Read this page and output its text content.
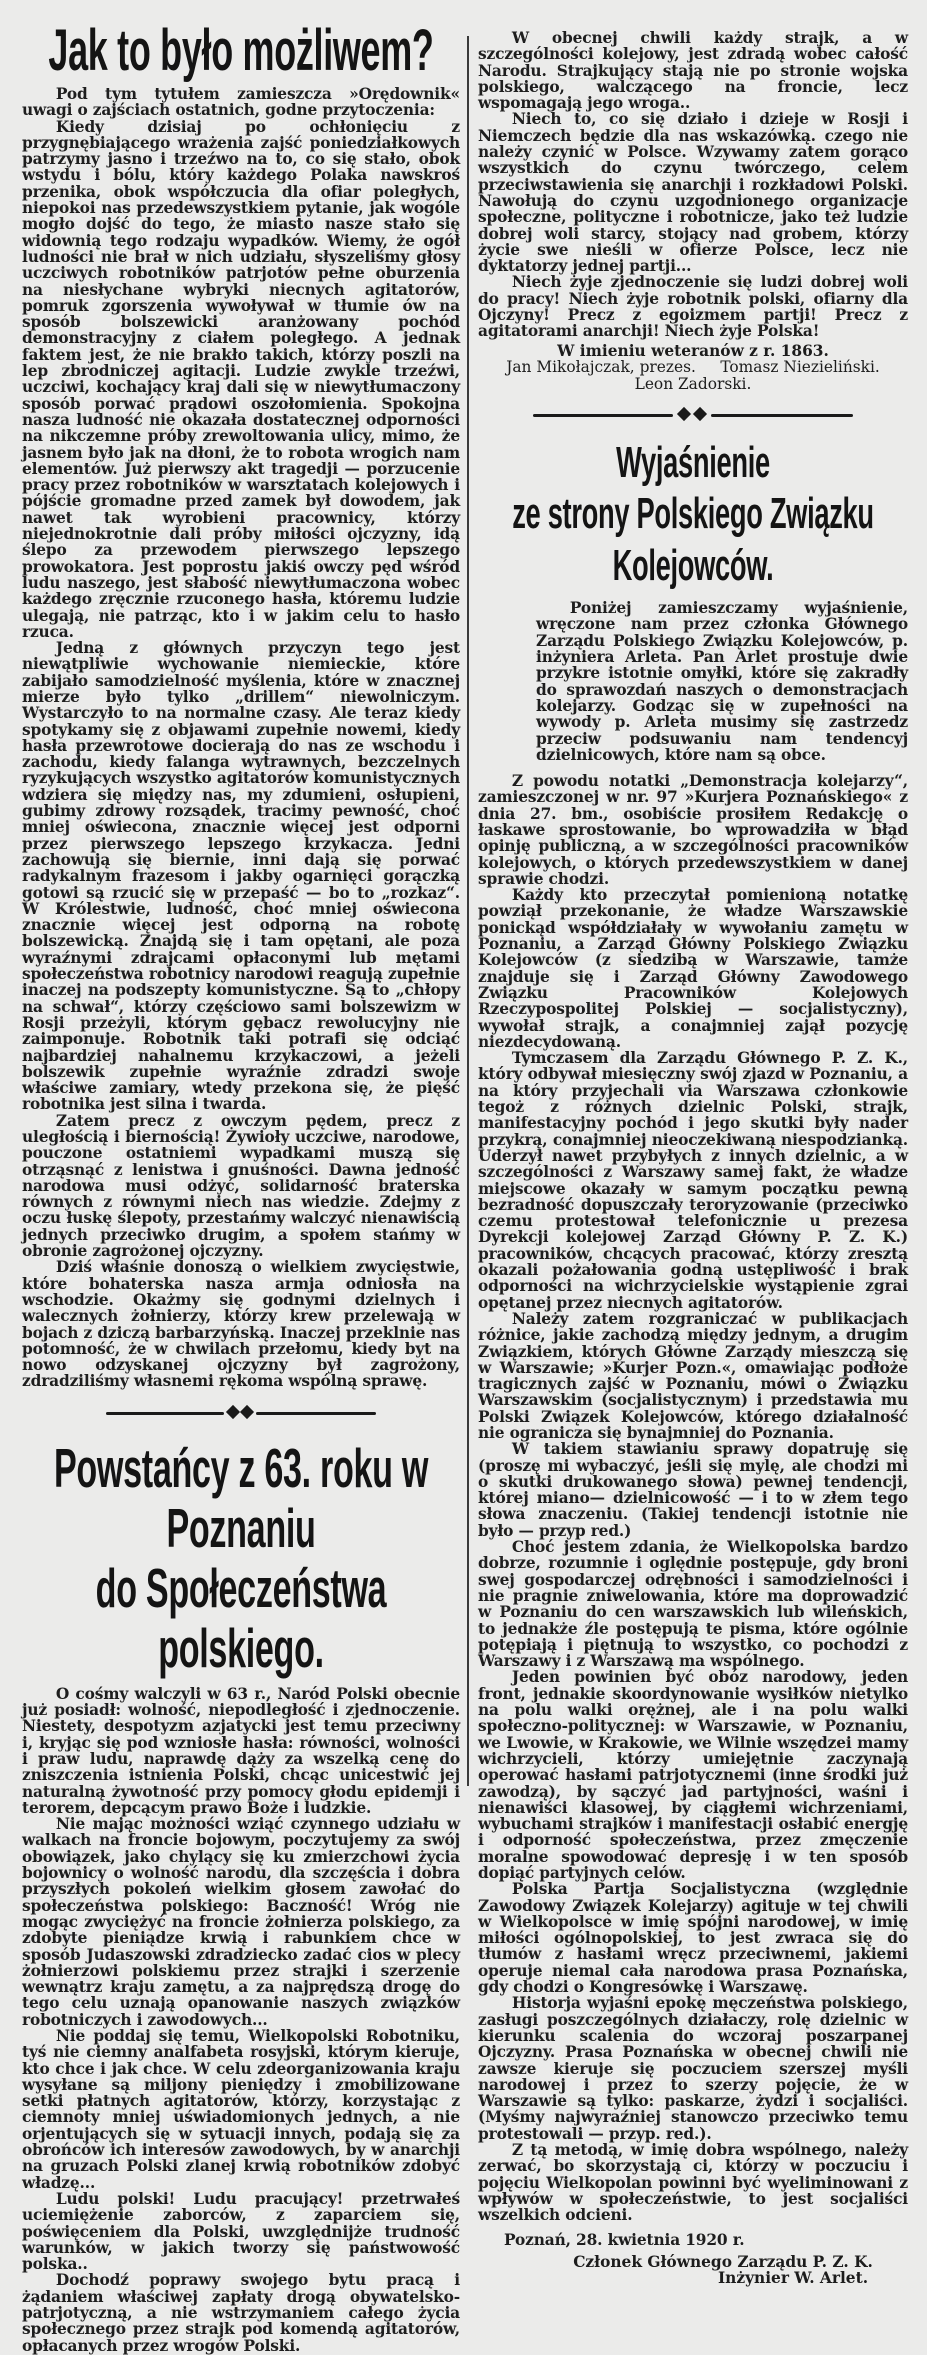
Jak to było możliwem?

Pod tym tytułem zamieszcza »Orędownik« uwagi o zajściach ostatnich, godne przytoczenia:

Kiedy dzisiaj po ochłonięciu z przygnębiającego wrażenia zajść poniedziałkowych patrzymy jasno i trzeźwo na to, co się stało, obok wstydu i bólu, który każdego Polaka nawskroś przenika, obok współczucia dla ofiar poległych, niepokoi nas przedewszystkiem pytanie, jak wogóle mogło dojść do tego, że miasto nasze stało się widownią tego rodzaju wypadków. Wiemy, że ogół ludności nie brał w nich udziału, słyszeliśmy głosy uczciwych robotników patrjotów pełne oburzenia na niesłychane wybryki niecnych agitatorów, pomruk zgorszenia wywoływał w tłumie ów na sposób bolszewicki aranżowany pochód demonstracyjny z ciałem poległego. A jednak faktem jest, że nie brakło takich, którzy poszli na lep zbrodniczej agitacji. Ludzie zwykle trzeźwi, uczciwi, kochający kraj dali się w niewytłumaczony sposób porwać prądowi oszołomienia. Spokojna nasza ludność nie okazała dostatecznej odporności na nikczemne próby zrewoltowania ulicy, mimo, że jasnem było jak na dłoni, że to robota wrogich nam elementów. Już pierwszy akt tragedji — porzucenie pracy przez robotników w warsztatach kolejowych i pójście gromadne przed zamek był dowodem, jak nawet tak wyrobieni pracownicy, którzy niejednokrotnie dali próby miłości ojczyzny, idą ślepo za przewodem pierwszego lepszego prowokatora. Jest poprostu jakiś owczy pęd wśród ludu naszego, jest słabość niewytłumaczona wobec każdego zręcznie rzuconego hasła, któremu ludzie ulegają, nie patrząc, kto i w jakim celu to hasło rzuca.

Jedną z głównych przyczyn tego jest niewątpliwie wychowanie niemieckie, które zabijało samodzielność myślenia, które w znacznej mierze było tylko „drillem“ niewolniczym. Wystarczyło to na normalne czasy. Ale teraz kiedy spotykamy się z objawami zupełnie nowemi, kiedy hasła przewrotowe docierają do nas ze wschodu i zachodu, kiedy falanga wytrawnych, bezczelnych ryzykujących wszystko agitatorów komunistycznych wdziera się między nas, my zdumieni, osłupieni, gubimy zdrowy rozsądek, tracimy pewność, choć mniej oświecona, znacznie więcej jest odporni przez pierwszego lepszego krzykacza. Jedni zachowują się biernie, inni dają się porwać radykalnym frazesom i jakby ogarnięci gorączką gotowi są rzucić się w przepaść — bo to „rozkaz“. W Królestwie, ludność, choć mniej oświecona znacznie więcej jest odporną na robotę bolszewicką. Znajdą się i tam opętani, ale poza wyraźnymi zdrajcami opłaconymi lub mętami społeczeństwa robotnicy narodowi reagują zupełnie inaczej na podszepty komunistyczne. Są to „chłopy na schwał“, którzy częściowo sami bolszewizm w Rosji przeżyli, którym gębacz rewolucyjny nie zaimponuje. Robotnik taki potrafi się odciąć najbardziej nahalnemu krzykaczowi, a jeżeli bolszewik zupełnie wyraźnie zdradzi swoje właściwe zamiary, wtedy przekona się, że pięść robotnika jest silna i twarda.

Zatem precz z owczym pędem, precz z uległością i biernością! Żywioły uczciwe, narodowe, pouczone ostatniemi wypadkami muszą się otrząsnąć z lenistwa i gnuśności. Dawna jedność narodowa musi odżyć, solidarność braterska równych z równymi niech nas wiedzie. Zdejmy z oczu łuskę ślepoty, przestańmy walczyć nienawiścią jednych przeciwko drugim, a społem stańmy w obronie zagrożonej ojczyzny.

Dziś właśnie donoszą o wielkiem zwycięstwie, które bohaterska nasza armja odniosła na wschodzie. Okażmy się godnymi dzielnych i walecznych żołnierzy, którzy krew przelewają w bojach z dziczą barbarzyńską. Inaczej przeklnie nas potomność, że w chwilach przełomu, kiedy byt na nowo odzyskanej ojczyzny był zagrożony, zdradziliśmy własnemi rękoma wspólną sprawę.

Powstańcy z 63. roku w Poznaniu
do Społeczeństwa polskiego.

O cośmy walczyli w 63 r., Naród Polski obecnie już posiadł: wolność, niepodległość i zjednoczenie. Niestety, despotyzm azjatycki jest temu przeciwny i, kryjąc się pod wzniosłe hasła: równości, wolności i praw ludu, naprawdę dąży za wszelką cenę do zniszczenia istnienia Polski, chcąc unicestwić jej naturalną żywotność przy pomocy głodu epidemji i terorem, depcącym prawo Boże i ludzkie.

Nie mając możności wziąć czynnego udziału w walkach na froncie bojowym, poczytujemy za swój obowiązek, jako chylący się ku zmierzchowi życia bojownicy o wolność narodu, dla szczęścia i dobra przyszłych pokoleń wielkim głosem zawołać do społeczeństwa polskiego: Baczność! Wróg nie mogąc zwyciężyć na froncie żołnierza polskiego, za zdobyte pieniądze krwią i rabunkiem chce w sposób Judaszowski zdradziecko zadać cios w plecy żołnierzowi polskiemu przez strajki i szerzenie wewnątrz kraju zamętu, a za najprędszą drogę do tego celu uznają opanowanie naszych związków robotniczych i zawodowych...

Nie poddaj się temu, Wielkopolski Robotniku, tyś nie ciemny analfabeta rosyjski, którym kieruje, kto chce i jak chce. W celu zdeorganizowania kraju wysyłane są miljony pieniędzy i zmobilizowane setki płatnych agitatorów, którzy, korzystając z ciemnoty mniej uświadomionych jednych, a nie orjentujących się w sytuacji innych, podają się za obrońców ich interesów zawodowych, by w anarchji na gruzach Polski zlanej krwią robotników zdobyć władzę...

Ludu polski! Ludu pracujący! przetrwałeś uciemiężenie zaborców, z zaparciem się, poświęceniem dla Polski, uwzględnijże trudność warunków, w jakich tworzy się państwowość polska..

Dochodź poprawy swojego bytu pracą i żądaniem właściwej zapłaty drogą obywatelsko-patrjotyczną, a nie wstrzymaniem całego życia społecznego przez strajk pod komendą agitatorów, opłacanych przez wrogów Polski.

W obecnej chwili każdy strajk, a w szczególności kolejowy, jest zdradą wobec całość Narodu. Strajkujący stają nie po stronie wojska polskiego, walczącego na froncie, lecz wspomagają jego wroga..

Niech to, co się działo i dzieje w Rosji i Niemczech będzie dla nas wskazówką. czego nie należy czynić w Polsce. Wzywamy zatem gorąco wszystkich do czynu twórczego, celem przeciwstawienia się anarchji i rozkładowi Polski. Nawołują do czynu uzgodnionego organizacje społeczne, polityczne i robotnicze, jako też ludzie dobrej woli starcy, stojący nad grobem, którzy życie swe nieśli w ofierze Polsce, lecz nie dyktatorzy jednej partji...

Niech żyje zjednoczenie się ludzi dobrej woli do pracy! Niech żyje robotnik polski, ofiarny dla Ojczyny! Precz z egoizmem partji! Precz z agitatorami anarchji! Niech żyje Polska!

W imieniu weteranów z r. 1863.

Jan Mikołajczak, prezes.     Tomasz Niezieliński.

Leon Zadorski.

Wyjaśnienie
ze strony Polskiego Związku Kolejowców.

Poniżej zamieszczamy wyjaśnienie, wręczone nam przez członka Głównego Zarządu Polskiego Związku Kolejowców, p. inżyniera Arleta. Pan Arlet prostuje dwie przykre istotnie omyłki, które się zakradły do sprawozdań naszych o demonstracjach kolejarzy. Godząc się w zupełności na wywody p. Arleta musimy się zastrzedz przeciw podsuwaniu nam tendencyj dzielnicowych, które nam są obce.

Z powodu notatki „Demonstracja kolejarzy“, zamieszczonej w nr. 97 »Kurjera Poznańskiego« z dnia 27. bm., osobiście prosiłem Redakcję o łaskawe sprostowanie, bo wprowadziła w błąd opinję publiczną, a w szczególności pracowników kolejowych, o których przedewszystkiem w danej sprawie chodzi.

Każdy kto przeczytał pomienioną notatkę powziął przekonanie, że władze Warszawskie ponickąd współdziałały w wywołaniu zamętu w Poznaniu, a Zarząd Główny Polskiego Związku Kolejowców (z siedzibą w Warszawie, tamże znajduje się i Zarząd Główny Zawodowego Związku Pracowników Kolejowych Rzeczypospolitej Polskiej — socjalistyczny), wywołał strajk, a conajmniej zajął pozycję niezdecydowaną.

Tymczasem dla Zarządu Głównego P. Z. K., który odbywał miesięczny swój zjazd w Poznaniu, a na który przyjechali via Warszawa członkowie tegoż z różnych dzielnic Polski, strajk, manifestacyjny pochód i jego skutki były nader przykrą, conajmniej nieoczekiwaną niespodzianką. Uderzył nawet przybyłych z innych dzielnic, a w szczególności z Warszawy samej fakt, że władze miejscowe okazały w samym początku pewną bezradność dopuszczały teroryzowanie (przeciwko czemu protestował telefonicznie u prezesa Dyrekcji kolejowej Zarząd Główny P. Z. K.) pracowników, chcących pracować, którzy zresztą okazali pożałowania godną ustępliwość i brak odporności na wichrzycielskie wystąpienie zgrai opętanej przez niecnych agitatorów.

Należy zatem rozgraniczać w publikacjach różnice, jakie zachodzą między jednym, a drugim Związkiem, których Główne Zarządy mieszczą się w Warszawie; »Kurjer Pozn.«, omawiając podłoże tragicznych zajść w Poznaniu, mówi o Związku Warszawskim (socjalistycznym) i przedstawia mu Polski Związek Kolejowców, którego działalność nie ogranicza się bynajmniej do Poznania.

W takiem stawianiu sprawy dopatruję się (proszę mi wybaczyć, jeśli się mylę, ale chodzi mi o skutki drukowanego słowa) pewnej tendencji, której miano— dzielnicowość — i to w złem tego słowa znaczeniu. (Takiej tendencji istotnie nie było — przyp red.)

Choć jestem zdania, że Wielkopolska bardzo dobrze, rozumnie i oględnie postępuje, gdy broni swej gospodarczej odrębności i samodzielności i nie pragnie zniwelowania, które ma doprowadzić w Poznaniu do cen warszawskich lub wileńskich, to jednakże źle postępują te pisma, które ogólnie potępiają i piętnują to wszystko, co pochodzi z Warszawy i z Warszawą ma wspólnego.

Jeden powinien być obóz narodowy, jeden front, jednakie skoordynowanie wysiłków nietylko na polu walki orężnej, ale i na polu walki społeczno-politycznej: w Warszawie, w Poznaniu, we Lwowie, w Krakowie, we Wilnie wszędzei mamy wichrzycieli, którzy umiejętnie zaczynają operować hasłami patrjotycznemi (inne środki już zawodzą), by sączyć jad partyjności, waśni i nienawiści klasowej, by ciągłemi wichrzeniami, wybuchami strajków i manifestacji osłabić energję i odporność społeczeństwa, przez zmęczenie moralne spowodować depresję i w ten sposób dopiąć partyjnych celów.

Polska Partja Socjalistyczna (względnie Zawodowy Związek Kolejarzy) agituje w tej chwili w Wielkopolsce w imię spójni narodowej, w imię miłości ogólnopolskiej, to jest zwraca się do tłumów z hasłami wręcz przeciwnemi, jakiemi operuje niemal cała narodowa prasa Poznańska, gdy chodzi o Kongresówkę i Warszawę.

Historja wyjaśni epokę męczeństwa polskiego, zasługi poszczególnych działaczy, rolę dzielnic w kierunku scalenia do wczoraj poszarpanej Ojczyzny. Prasa Poznańska w obecnej chwili nie zawsze kieruje się poczuciem szerszej myśli narodowej i przez to szerzy pojęcie, że w Warszawie są tylko: paskarze, żydzi i socjaliści. (Myśmy najwyraźniej stanowczo przeciwko temu protestowali — przyp. red.).

Z tą metodą, w imię dobra wspólnego, należy zerwać, bo skorzystają ci, którzy w poczuciu i pojęciu Wielkopolan powinni być wyeliminowani z wpływów w społeczeństwie, to jest socjaliści wszelkich odcieni.

Poznań, 28. kwietnia 1920 r.

Członek Głównego Zarządu P. Z. K.

Inżynier W. Arlet.
